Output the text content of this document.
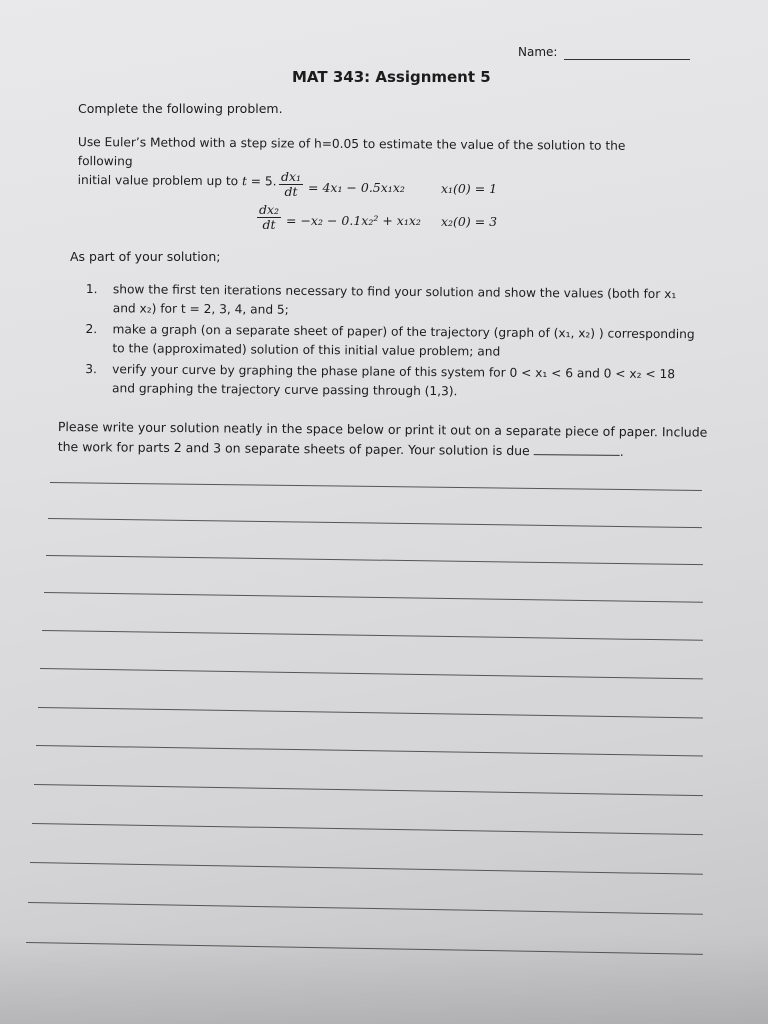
Name:
MAT 343: Assignment 5
Complete the following problem.
Use Euler’s Method with a step size of h=0.05 to estimate the value of the solution to the following
initial value problem up to t = 5. $\frac{\text{dx₁}}{dt} = 4x_1 - 0.5x_1x_2$	x₁(0) = 1
$\frac{\text{dx₂}}{dt} = -x_2 - 0.1x_2^2 + x_1x_2$ x₂(0) = 3
As part of your solution;
1. show the first ten iterations necessary to find your solution and show the values (both for x₁ and x₂) for t = 2, 3, 4, and 5;
2. make a graph (on a separate sheet of paper) of the trajectory (graph of (x₁, x₂) ) corresponding to the (approximated) solution of this initial value problem; and
3. verify your curve by graphing the phase plane of this system for 0 < x₁ < 6 and 0 < x₂ < 18 and graphing the trajectory curve passing through (1,3).
Please write your solution neatly in the space below or print it out on a separate piece of paper. Include the work for parts 2 and 3 on separate sheets of paper. Your solution is due	.
